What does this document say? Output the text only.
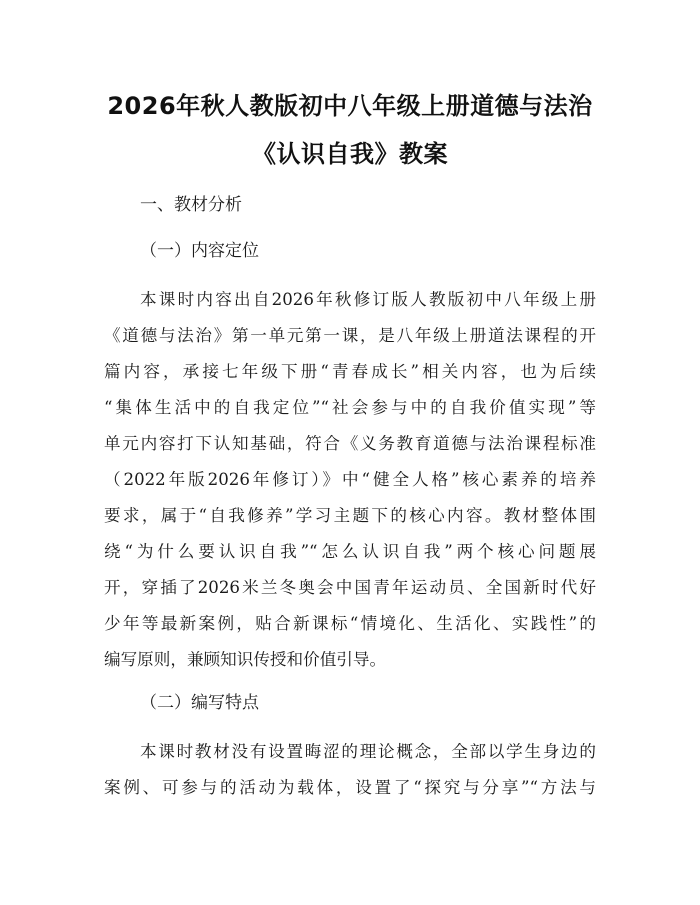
2026年秋人教版初中八年级上册道德与法治
《认识自我》教案
一、教材分析
（一）内容定位
本课时内容出自2026年秋修订版人教版初中八年级上册
《道德与法治》第一单元第一课，是八年级上册道法课程的开
篇内容，承接七年级下册“青春成长”相关内容，也为后续
“集体生活中的自我定位”“社会参与中的自我价值实现”等
单元内容打下认知基础，符合《义务教育道德与法治课程标准
（2022年版2026年修订）》中“健全人格”核心素养的培养
要求，属于“自我修养”学习主题下的核心内容。教材整体围
绕“为什么要认识自我”“怎么认识自我”两个核心问题展
开，穿插了2026米兰冬奥会中国青年运动员、全国新时代好
少年等最新案例，贴合新课标“情境化、生活化、实践性”的
编写原则，兼顾知识传授和价值引导。
（二）编写特点
本课时教材没有设置晦涩的理论概念，全部以学生身边的
案例、可参与的活动为载体，设置了“探究与分享”“方法与
